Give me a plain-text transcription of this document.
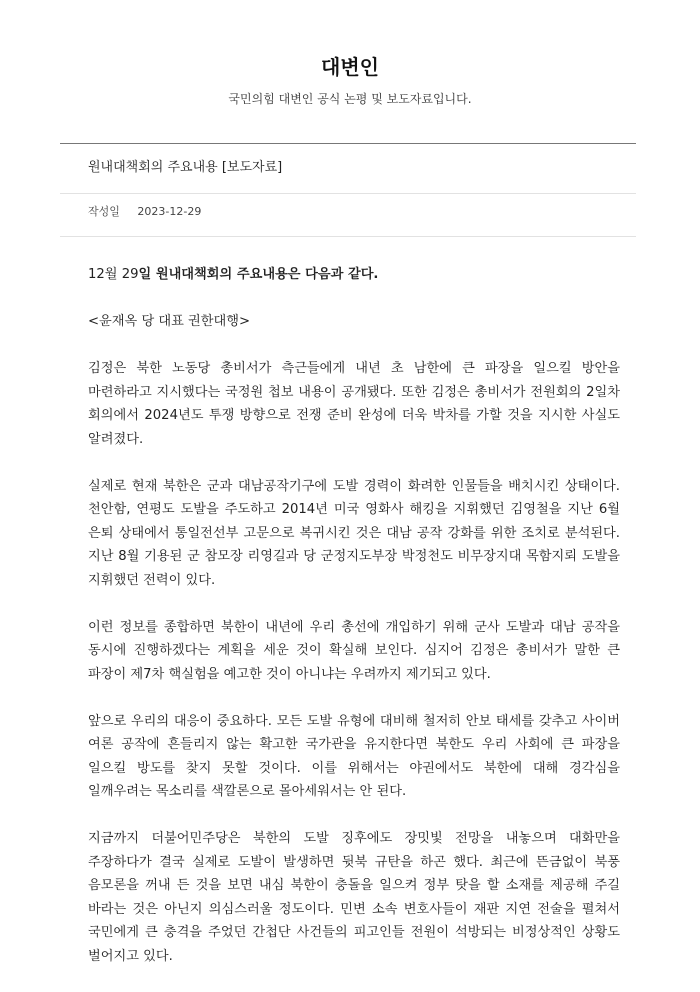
대변인
국민의힘 대변인 공식 논평 및 보도자료입니다.
원내대책회의 주요내용 [보도자료]
작성일 2023-12-29

12월 29일 원내대책회의 주요내용은 다음과 같다.

<윤재옥 당 대표 권한대행>

김정은 북한 노동당 총비서가 측근들에게 내년 초 남한에 큰 파장을 일으킬 방안을 마련하라고 지시했다는 국정원 첩보 내용이 공개됐다. 또한 김정은 총비서가 전원회의 2일차 회의에서 2024년도 투쟁 방향으로 전쟁 준비 완성에 더욱 박차를 가할 것을 지시한 사실도 알려졌다.

실제로 현재 북한은 군과 대남공작기구에 도발 경력이 화려한 인물들을 배치시킨 상태이다. 천안함, 연평도 도발을 주도하고 2014년 미국 영화사 해킹을 지휘했던 김영철을 지난 6월 은퇴 상태에서 통일전선부 고문으로 복귀시킨 것은 대남 공작 강화를 위한 조치로 분석된다. 지난 8월 기용된 군 참모장 리영길과 당 군정지도부장 박정천도 비무장지대 목함지뢰 도발을 지휘했던 전력이 있다.

이런 정보를 종합하면 북한이 내년에 우리 총선에 개입하기 위해 군사 도발과 대남 공작을 동시에 진행하겠다는 계획을 세운 것이 확실해 보인다. 심지어 김정은 총비서가 말한 큰 파장이 제7차 핵실험을 예고한 것이 아니냐는 우려까지 제기되고 있다.

앞으로 우리의 대응이 중요하다. 모든 도발 유형에 대비해 철저히 안보 태세를 갖추고 사이버 여론 공작에 흔들리지 않는 확고한 국가관을 유지한다면 북한도 우리 사회에 큰 파장을 일으킬 방도를 찾지 못할 것이다. 이를 위해서는 야권에서도 북한에 대해 경각심을 일깨우려는 목소리를 색깔론으로 몰아세워서는 안 된다.

지금까지 더불어민주당은 북한의 도발 징후에도 장밋빛 전망을 내놓으며 대화만을 주장하다가 결국 실제로 도발이 발생하면 뒷북 규탄을 하곤 했다. 최근에 뜬금없이 북풍 음모론을 꺼내 든 것을 보면 내심 북한이 충돌을 일으켜 정부 탓을 할 소재를 제공해 주길 바라는 것은 아닌지 의심스러울 정도이다. 민변 소속 변호사들이 재판 지연 전술을 펼쳐서 국민에게 큰 충격을 주었던 간첩단 사건들의 피고인들 전원이 석방되는 비정상적인 상황도 벌어지고 있다.
